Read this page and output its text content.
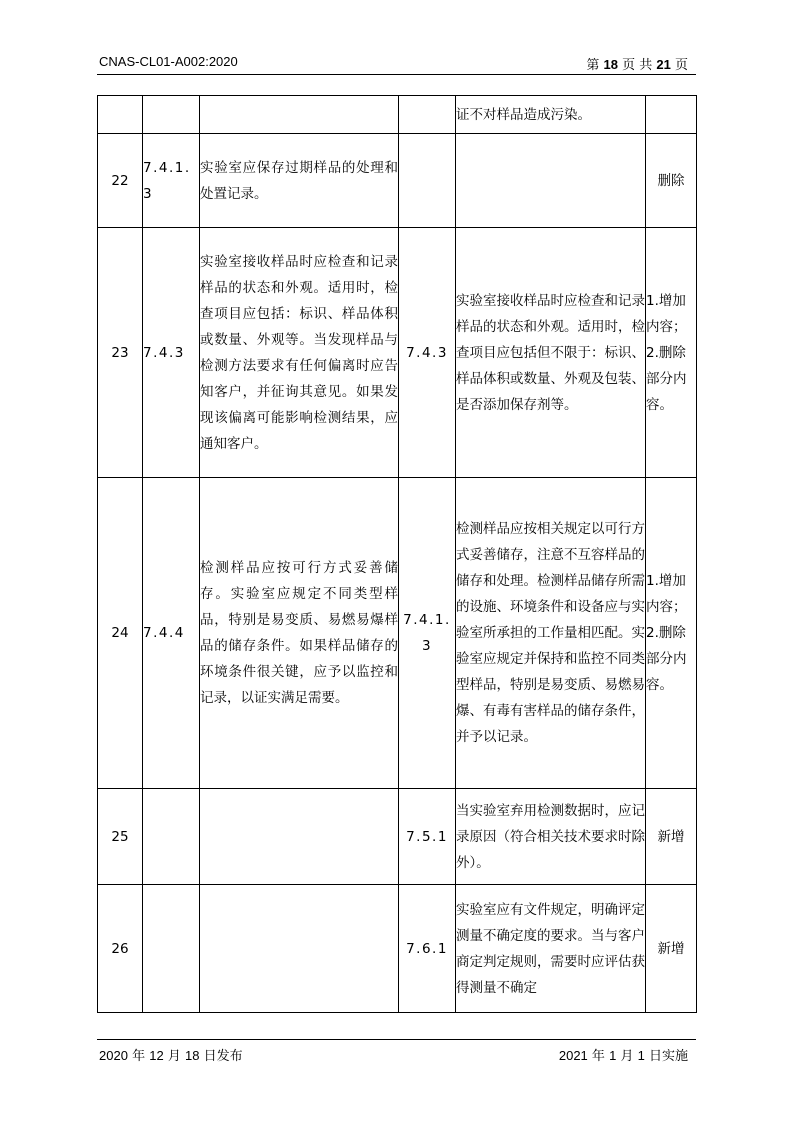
CNAS-CL01-A002:2020	第 18 页 共 21 页
				证不对样品造成污染。	
22	7.4.1.3	实验室应保存过期样品的处理和处置记录。			删除
23	7.4.3	实验室接收样品时应检查和记录样品的状态和外观。适用时，检查项目应包括：标识、样品体积或数量、外观等。当发现样品与检测方法要求有任何偏离时应告知客户，并征询其意见。如果发现该偏离可能影响检测结果，应通知客户。	7.4.3	实验室接收样品时应检查和记录样品的状态和外观。适用时，检查项目应包括但不限于：标识、样品体积或数量、外观及包装、是否添加保存剂等。	1.增加内容；
2.删除部分内容。

24	7.4.4	检测样品应按可行方式妥善储存。实验室应规定不同类型样品，特别是易变质、易燃易爆样品的储存条件。如果样品储存的环境条件很关键，应予以监控和记录，以证实满足需要。	7.4.1.3	检测样品应按相关规定以可行方式妥善储存，注意不互容样品的储存和处理。检测样品储存所需的设施、环境条件和设备应与实验室所承担的工作量相匹配。实验室应规定并保持和监控不同类型样品，特别是易变质、易燃易爆、有毒有害样品的储存条件，并予以记录。	1.增加内容；
2.删除部分内容。

25			7.5.1	当实验室弃用检测数据时，应记录原因（符合相关技术要求时除外）。	新增
26			7.6.1	实验室应有文件规定，明确评定测量不确定度的要求。当与客户商定判定规则，需要时应评估获得测量不确定	新增
2020 年 12 月 18 日发布	2021 年 1 月 1 日实施
